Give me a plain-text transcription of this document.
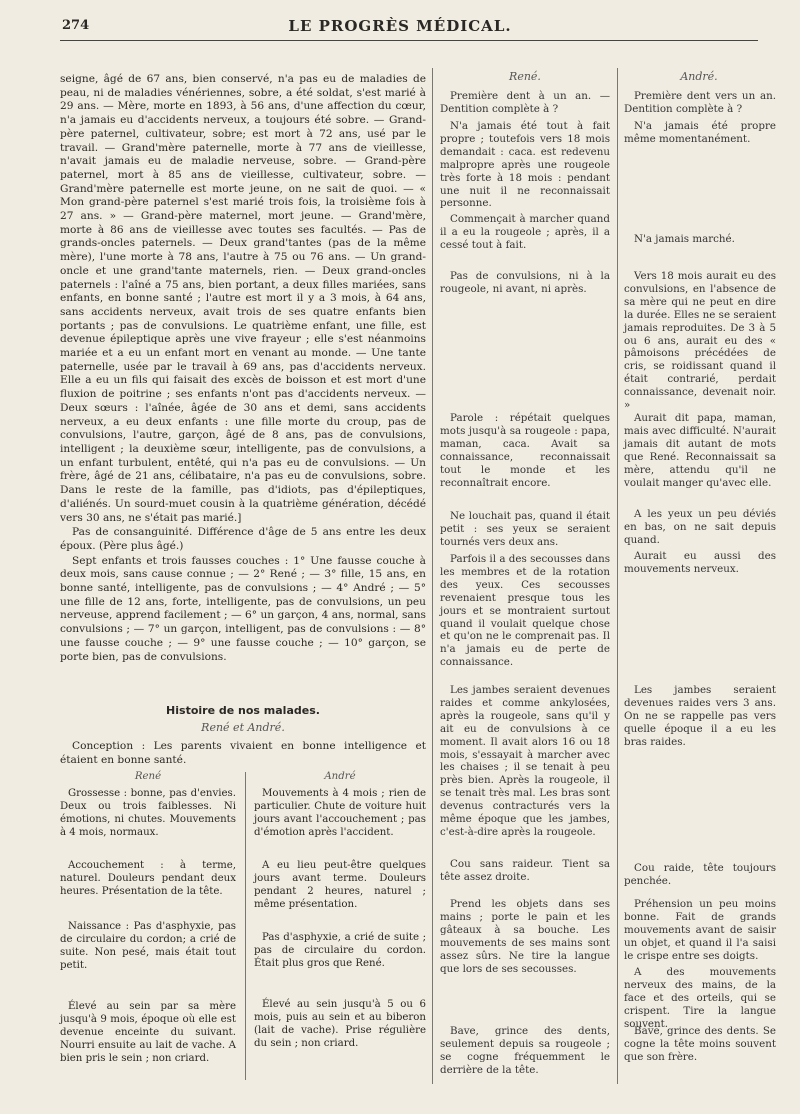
274	LE PROGRÈS MÉDICAL.

seigne, âgé de 67 ans, bien conservé, n'a pas eu de maladies de peau, ni de maladies vénériennes, sobre, a été soldat, s'est marié à 29 ans. — Mère, morte en 1893, à 56 ans, d'une affection du cœur, n'a jamais eu d'accidents nerveux, a toujours été sobre. — Grand-père paternel, cultivateur, sobre; est mort à 72 ans, usé par le travail. — Grand'mère paternelle, morte à 77 ans de vieillesse, n'avait jamais eu de maladie nerveuse, sobre. — Grand-père paternel, mort à 85 ans de vieillesse, cultivateur, sobre. — Grand'mère paternelle est morte jeune, on ne sait de quoi. — « Mon grand-père paternel s'est marié trois fois, la troisième fois à 27 ans. » — Grand-père maternel, mort jeune. — Grand'mère, morte à 86 ans de vieillesse avec toutes ses facultés. — Pas de grands-oncles paternels. — Deux grand'tantes (pas de la même mère), l'une morte à 78 ans, l'autre à 75 ou 76 ans. — Un grand-oncle et une grand'tante maternels, rien. — Deux grand-oncles paternels : l'aîné a 75 ans, bien portant, a deux filles mariées, sans enfants, en bonne santé ; l'autre est mort il y a 3 mois, à 64 ans, sans accidents nerveux, avait trois de ses quatre enfants bien portants ; pas de convulsions. Le quatrième enfant, une fille, est devenue épileptique après une vive frayeur ; elle s'est néanmoins mariée et a eu un enfant mort en venant au monde. — Une tante paternelle, usée par le travail à 69 ans, pas d'accidents nerveux. Elle a eu un fils qui faisait des excès de boisson et est mort d'une fluxion de poitrine ; ses enfants n'ont pas d'accidents nerveux. — Deux sœurs : l'aînée, âgée de 30 ans et demi, sans accidents nerveux, a eu deux enfants : une fille morte du croup, pas de convulsions, l'autre, garçon, âgé de 8 ans, pas de convulsions, intelligent ; la deuxième sœur, intelligente, pas de convulsions, a un enfant turbulent, entêté, qui n'a pas eu de convulsions. — Un frère, âgé de 21 ans, célibataire, n'a pas eu de convulsions, sobre. Dans le reste de la famille, pas d'idiots, pas d'épileptiques, d'aliénés. Un sourd-muet cousin à la quatrième génération, décédé vers 30 ans, ne s'était pas marié.]

Pas de consanguinité. Différence d'âge de 5 ans entre les deux époux. (Père plus âgé.)

Sept enfants et trois fausses couches : 1° Une fausse couche à deux mois, sans cause connue ; — 2° René ; — 3° fille, 15 ans, en bonne santé, intelligente, pas de convulsions ; — 4° André ; — 5° une fille de 12 ans, forte, intelligente, pas de convulsions, un peu nerveuse, apprend facilement ; — 6° un garçon, 4 ans, normal, sans convulsions ; — 7° un garçon, intelligent, pas de convulsions : — 8° une fausse couche ; — 9° une fausse couche ; — 10° garçon, se porte bien, pas de convulsions.

Histoire de nos malades.
René et André.
Conception : Les parents vivaient en bonne intelligence et étaient en bonne santé.
René

Grossesse : bonne, pas d'envies. Deux ou trois faiblesses. Ni émotions, ni chutes. Mouvements à 4 mois, normaux.

Accouchement : à terme, naturel. Douleurs pendant deux heures. Présentation de la tête.

Naissance : Pas d'asphyxie, pas de circulaire du cordon; a crié de suite. Non pesé, mais était tout petit.

Élevé au sein par sa mère jusqu'à 9 mois, époque où elle est devenue enceinte du suivant. Nourri ensuite au lait de vache. A bien pris le sein ; non criard.

André

Mouvements à 4 mois ; rien de particulier. Chute de voiture huit jours avant l'accouchement ; pas d'émotion après l'accident.

A eu lieu peut-être quelques jours avant terme. Douleurs pendant 2 heures, naturel ; même présentation.

Pas d'asphyxie, a crié de suite ; pas de circulaire du cordon. Était plus gros que René.

Élevé au sein jusqu'à 5 ou 6 mois, puis au sein et au biberon (lait de vache). Prise régulière du sein ; non criard.

René.	André.

Première dent à un an. — Dentition complète à ?

N'a jamais été tout à fait propre ; toutefois vers 18 mois demandait : caca. est redevenu malpropre après une rougeole très forte à 18 mois : pendant une nuit il ne reconnaissait personne.

Commençait à marcher quand il a eu la rougeole ; après, il a cessé tout à fait.

Pas de convulsions, ni à la rougeole, ni avant, ni après.

Parole : répétait quelques mots jusqu'à sa rougeole : papa, maman, caca. Avait sa connaissance, reconnaissait tout le monde et les reconnaîtrait encore.

Ne louchait pas, quand il était petit : ses yeux se seraient tournés vers deux ans.

Parfois il a des secousses dans les membres et de la rotation des yeux. Ces secousses revenaient presque tous les jours et se montraient surtout quand il voulait quelque chose et qu'on ne le comprenait pas. Il n'a jamais eu de perte de connaissance.

Les jambes seraient devenues raides et comme ankylosées, après la rougeole, sans qu'il y ait eu de convulsions à ce moment. Il avait alors 16 ou 18 mois, s'essayait à marcher avec les chaises ; il se tenait à peu près bien. Après la rougeole, il se tenait très mal. Les bras sont devenus contracturés vers la même époque que les jambes, c'est-à-dire après la rougeole.

Cou sans raideur. Tient sa tête assez droite.

Prend les objets dans ses mains ; porte le pain et les gâteaux à sa bouche. Les mouvements de ses mains sont assez sûrs. Ne tire la langue que lors de ses secousses.

Bave, grince des dents, seulement depuis sa rougeole ; se cogne fréquemment le derrière de la tête.

Première dent vers un an. Dentition complète à ?

N'a jamais été propre même momentanément.

N'a jamais marché.

Vers 18 mois aurait eu des convulsions, en l'absence de sa mère qui ne peut en dire la durée. Elles ne se seraient jamais reproduites. De 3 à 5 ou 6 ans, aurait eu des « pâmoisons précédées de cris, se roidissant quand il était contrarié, perdait connaissance, devenait noir. »

Aurait dit papa, maman, mais avec difficulté. N'aurait jamais dit autant de mots que René. Reconnaissait sa mère, attendu qu'il ne voulait manger qu'avec elle.

A les yeux un peu déviés en bas, on ne sait depuis quand.

Aurait eu aussi des mouvements nerveux.

Les jambes seraient devenues raides vers 3 ans. On ne se rappelle pas vers quelle époque il a eu les bras raides.

Cou raide, tête toujours penchée.

Préhension un peu moins bonne. Fait de grands mouvements avant de saisir un objet, et quand il l'a saisi le crispe entre ses doigts.

A des mouvements nerveux des mains, de la face et des orteils, qui se crispent. Tire la langue souvent.

Bave, grince des dents. Se cogne la tête moins souvent que son frère.
